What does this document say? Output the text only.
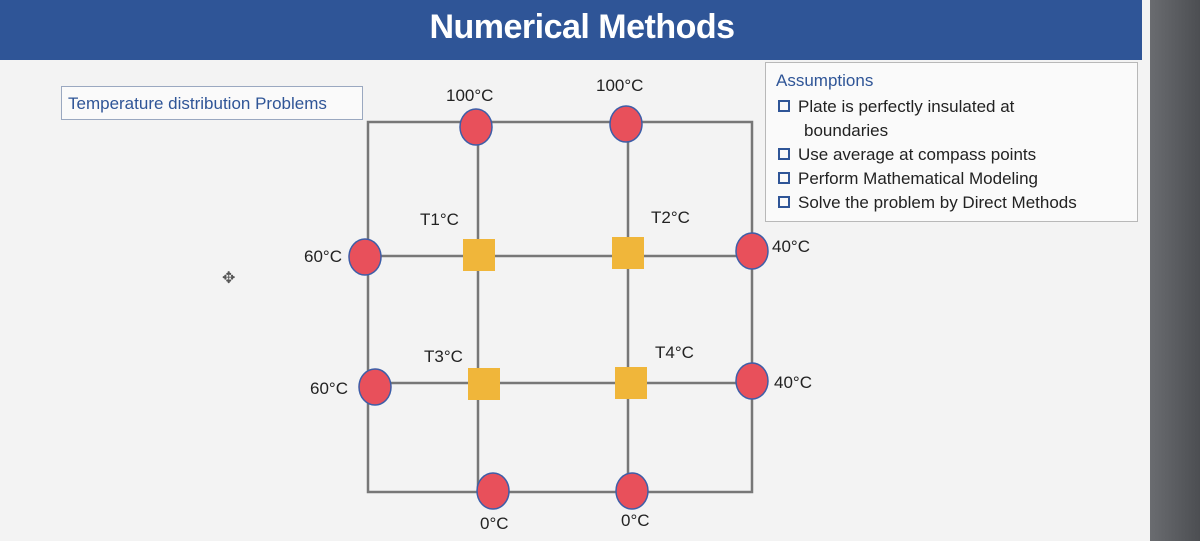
Numerical Methods
Temperature distribution Problems
Assumptions
Plate is perfectly insulated at
boundaries
Use average at compass points
Perform Mathematical Modeling
Solve the problem by Direct Methods
100°C
100°C
60°C
60°C
40°C
40°C
0°C	0°C
T1°C	T2°C
T3°C	T4°C
✥
